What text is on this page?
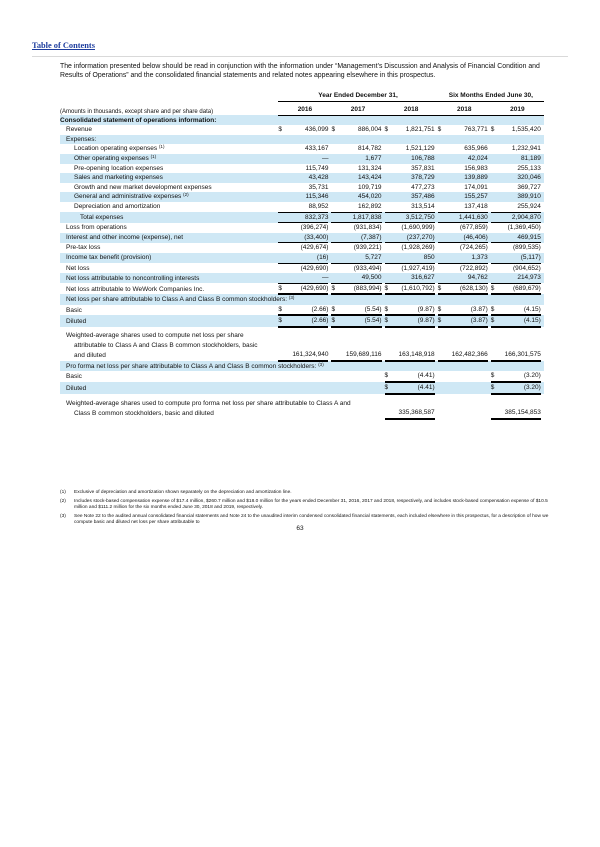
Table of Contents
The information presented below should be read in conjunction with the information under “Management’s Discussion and Analysis of Financial Condition and Results of Operations” and the consolidated financial statements and related notes appearing elsewhere in this prospectus.
	Year Ended December 31,									Six Months Ended June 30,					
(Amounts in thousands, except share and per share data)	2016			2017			2018			2018			2019		
Consolidated statement of operations information:															
Revenue	$	436,099		$	886,004		$	1,821,751		$	763,771		$	1,535,420	
Expenses:															
Location operating expenses $^{(1)}$		433,167			814,782			1,521,129			635,966			1,232,941	
Other operating expenses $^{(1)}$		—			1,677			106,788			42,024			81,189	
Pre-opening location expenses		115,749			131,324			357,831			156,983			255,133	
Sales and marketing expenses		43,428			143,424			378,729			139,889			320,046	
Growth and new market development expenses		35,731			109,719			477,273			174,091			369,727	
General and administrative expenses $^{(2)}$		115,346			454,020			357,486			155,257			389,910	
Depreciation and amortization		88,952			162,892			313,514			137,418			255,924	
Total expenses		832,373			1,817,838			3,512,750			1,441,630			2,904,870	
Loss from operations		(396,274)			(931,834)			(1,690,999)			(677,859)			(1,369,450)	
Interest and other income (expense), net		(33,400)			(7,387)			(237,270)			(46,406)			469,915	
Pre-tax loss		(429,674)			(939,221)			(1,928,269)			(724,265)			(899,535)	
Income tax benefit (provision)		(16)			5,727			850			1,373			(5,117)	
Net loss		(429,690)			(933,494)			(1,927,419)			(722,892)			(904,652)	
Net loss attributable to noncontrolling interests		—			49,500			316,627			94,762			214,973	
Net loss attributable to WeWork Companies Inc.	$	(429,690)		$	(883,994)		$	(1,610,792)		$	(628,130)		$	(689,679)	
Net loss per share attributable to Class A and Class B common stockholders: $^{(3)}$
Basic	$	(2.66)		$	(5.54)		$	(9.87)		$	(3.87)		$	(4.15)	
Diluted	$	(2.66)		$	(5.54)		$	(9.87)		$	(3.87)		$	(4.15)	
Weighted-average shares used to compute net loss per share															
attributable to Class A and Class B common stockholders, basic															
and diluted		161,324,940			159,689,116			163,148,918			162,482,366			166,301,575	
Pro forma net loss per share attributable to Class A and Class B common stockholders: $^{(3)}$
Basic							$	(4.41)					$	(3.20)	
Diluted							$	(4.41)					$	(3.20)	
Weighted-average shares used to compute pro forma net loss per share attributable to Class A and															
Class B common stockholders, basic and diluted								335,368,587						385,154,853	
(1)	Exclusive of depreciation and amortization shown separately on the depreciation and amortization line.
(2)	Includes stock-based compensation expense of $17.4 million, $260.7 million and $18.0 million for the years ended December 31, 2016, 2017 and 2018, respectively, and includes stock-based compensation expense of $10.5 million and $111.2 million for the six months ended June 30, 2018 and 2019, respectively.
(3)	See Note 22 to the audited annual consolidated financial statements and Note 24 to the unaudited interim condensed consolidated financial statements, each included elsewhere in this prospectus, for a description of how we compute basic and diluted net loss per share attributable to
63
